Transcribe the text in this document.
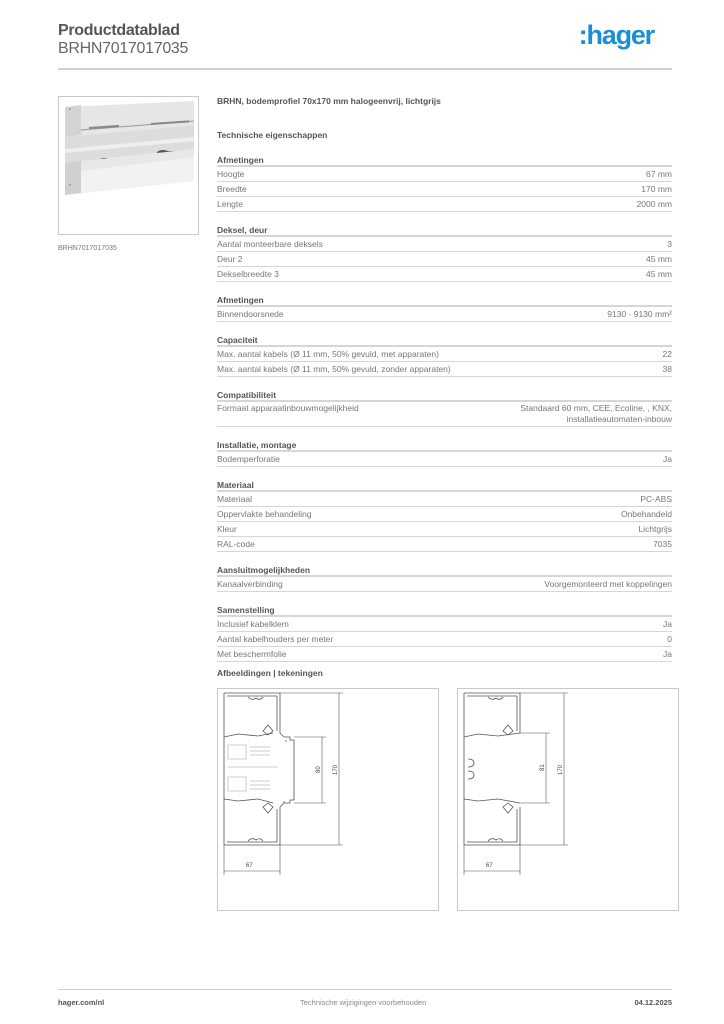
Productdatablad
BRHN7017017035	:hager
BRHN7017017035
BRHN, bodemprofiel 70x170 mm halogeenvrij, lichtgrijs
Technische eigenschappen
Afmetingen
Hoogte	67 mm
Breedte	170 mm
Lengte	2000 mm
Deksel, deur
Aantal monteerbare deksels	3
Deur 2	45 mm
Dekselbreedte 3	45 mm
Afmetingen
Binnendoorsnede	9130 - 9130 mm²
Capaciteit
Max. aantal kabels (Ø 11 mm, 50% gevuld, met apparaten)	22
Max. aantal kabels (Ø 11 mm, 50% gevuld, zonder apparaten)	38
Compatibiliteit
Formaat apparaatinbouwmogelijkheid	Standaard 60 mm, CEE, Ecoline, , KNX,
installatieautomaten-inbouw
Installatie, montage
Bodemperforatie	Ja
Materiaal
Materiaal	PC-ABS
Oppervlakte behandeling	Onbehandeld
Kleur	Lichtgrijs
RAL-code	7035
Aansluitmogelijkheden
Kanaalverbinding	Voorgemonteerd met koppelingen
Samenstelling
Inclusief kabelklem	Ja
Aantal kabelhouders per meter	0
Met beschermfolie	Ja
Afbeeldingen | tekeningen
67
80 170
67
81 170
hager.com/nl	Technische wijzigingen voorbehouden	04.12.2025
